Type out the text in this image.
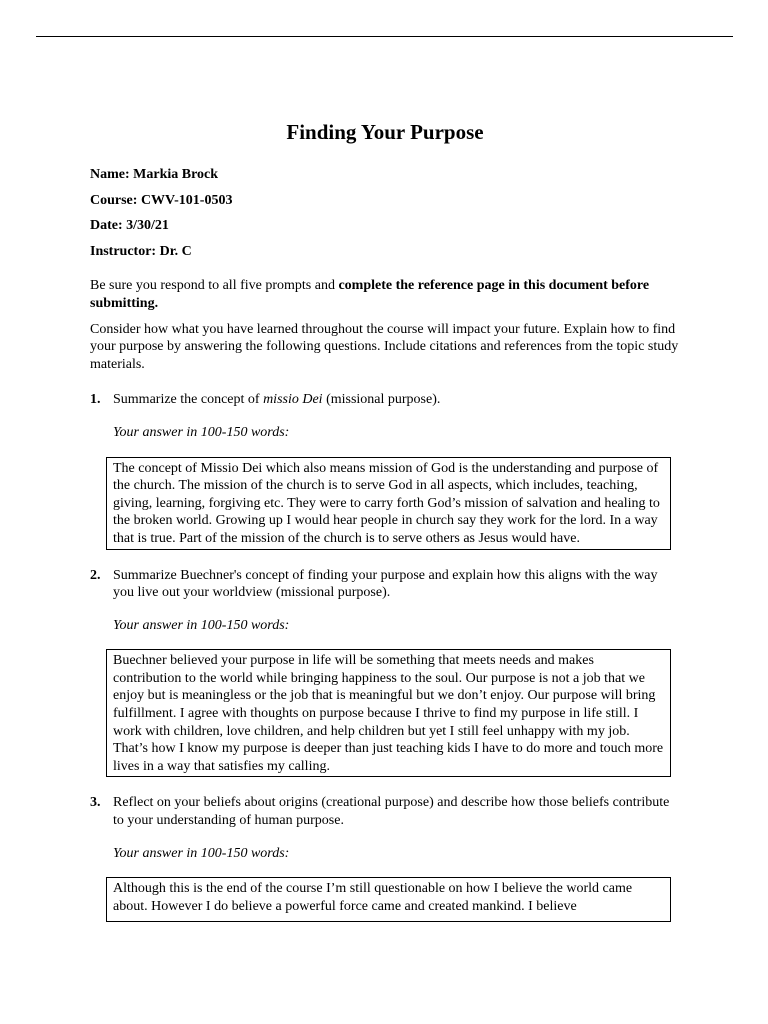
Finding Your Purpose
Name: Markia Brock
Course: CWV-101-0503
Date: 3/30/21
Instructor: Dr. C

Be sure you respond to all five prompts and complete the reference page in this document before submitting.

Consider how what you have learned throughout the course will impact your future. Explain how to find your purpose by answering the following questions. Include citations and references from the topic study materials.

1. Summarize the concept of missio Dei (missional purpose).

Your answer in 100-150 words:

The concept of Missio Dei which also means mission of God is the understanding and purpose of the church. The mission of the church is to serve God in all aspects, which includes, teaching, giving, learning, forgiving etc. They were to carry forth God’s mission of salvation and healing to the broken world. Growing up I would hear people in church say they work for the lord. In a way that is true. Part of the mission of the church is to serve others as Jesus would have.
2. Summarize Buechner's concept of finding your purpose and explain how this aligns with the way you live out your worldview (missional purpose).

Your answer in 100-150 words:

Buechner believed your purpose in life will be something that meets needs and makes contribution to the world while bringing happiness to the soul. Our purpose is not a job that we enjoy but is meaningless or the job that is meaningful but we don’t enjoy. Our purpose will bring fulfillment. I agree with thoughts on purpose because I thrive to find my purpose in life still. I work with children, love children, and help children but yet I still feel unhappy with my job. That’s how I know my purpose is deeper than just teaching kids I have to do more and touch more lives in a way that satisfies my calling.
3. Reflect on your beliefs about origins (creational purpose) and describe how those beliefs contribute to your understanding of human purpose.

Your answer in 100-150 words:

Although this is the end of the course I’m still questionable on how I believe the world came about. However I do believe a powerful force came and created mankind. I believe
